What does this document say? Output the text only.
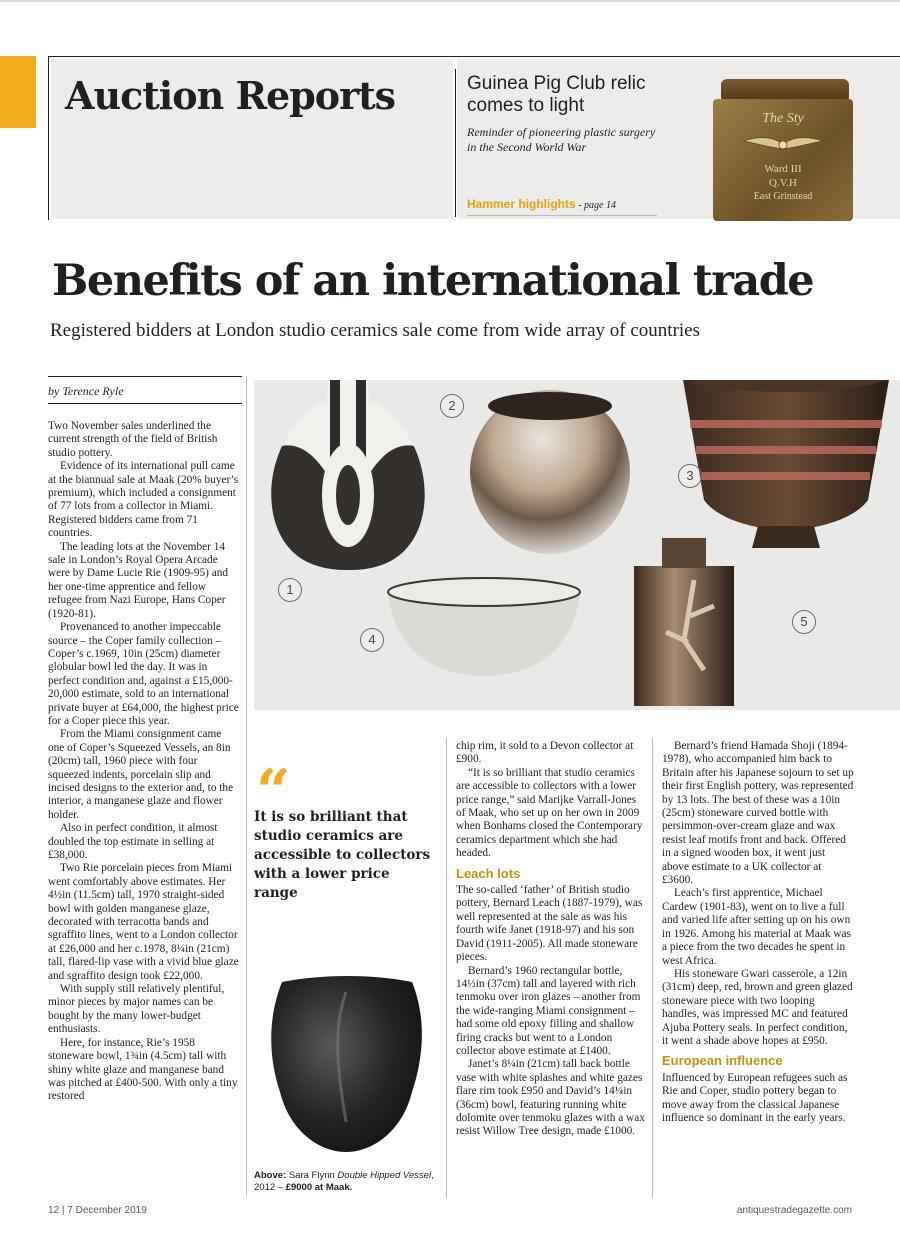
Auction Reports	Guinea Pig Club relic comes to light
Reminder of pioneering plastic surgery in the Second World War
Hammer highlights - page 14
The Sty
Ward III
Q.V.H
East Grinstead
Benefits of an international trade
Registered bidders at London studio ceramics sale come from wide array of countries
by Terence Ryle
1
2
3
4
5

Two November sales underlined the current strength of the field of British studio pottery.

Evidence of its international pull came at the biannual sale at Maak (20% buyer’s premium), which included a consignment of 77 lots from a collector in Miami. Registered bidders came from 71 countries.

The leading lots at the November 14 sale in London’s Royal Opera Arcade were by Dame Lucie Rie (1909-95) and her one-time apprentice and fellow refugee from Nazi Europe, Hans Coper (1920-81).

Provenanced to another impeccable source – the Coper family collection – Coper’s c.1969, 10in (25cm) diameter globular bowl led the day. It was in perfect condition and, against a £15,000-20,000 estimate, sold to an international private buyer at £64,000, the highest price for a Coper piece this year.

From the Miami consignment came one of Coper’s Squeezed Vessels, an 8in (20cm) tall, 1960 piece with four squeezed indents, porcelain slip and incised designs to the exterior and, to the interior, a manganese glaze and flower holder.

Also in perfect condition, it almost doubled the top estimate in selling at £38,000.

Two Rie porcelain pieces from Miami went comfortably above estimates. Her 4½in (11.5cm) tall, 1970 straight-sided bowl with golden manganese glaze, decorated with terracotta bands and sgraffito lines, went to a London collector at £26,000 and her c.1978, 8¼in (21cm) tall, flared-lip vase with a vivid blue glaze and sgraffito design took £22,000.

With supply still relatively plentiful, minor pieces by major names can be bought by the many lower-budget enthusiasts.

Here, for instance, Rie’s 1958 stoneware bowl, 1¾in (4.5cm) tall with shiny white glaze and manganese band was pitched at £400-500. With only a tiny restored

“
It is so brilliant that studio ceramics are accessible to collectors with a lower price range
Above: Sara Flynn Double Hipped Vessel, 2012 – £9000 at Maak.

chip rim, it sold to a Devon collector at £900.

“It is so brilliant that studio ceramics are accessible to collectors with a lower price range,” said Marijke Varrall-Jones of Maak, who set up on her own in 2009 when Bonhams closed the Contemporary ceramics department which she had headed.

Leach lots

The so-called ‘father’ of British studio pottery, Bernard Leach (1887-1979), was well represented at the sale as was his fourth wife Janet (1918-97) and his son David (1911-2005). All made stoneware pieces.

Bernard’s 1960 rectangular bottle, 14½in (37cm) tall and layered with rich tenmoku over iron glazes – another from the wide-ranging Miami consignment – had some old epoxy filling and shallow firing cracks but went to a London collector above estimate at £1400.

Janet’s 8¼in (21cm) tall back bottle vase with white splashes and white gazes flare rim took £950 and David’s 14¼in (36cm) bowl, featuring running white dolomite over tenmoku glazes with a wax resist Willow Tree design, made £1000.

Bernard’s friend Hamada Shoji (1894-1978), who accompanied him back to Britain after his Japanese sojourn to set up their first English pottery, was represented by 13 lots. The best of these was a 10in (25cm) stoneware curved bottle with persimmon-over-cream glaze and wax resist leaf motifs front and back. Offered in a signed wooden box, it went just above estimate to a UK collector at £3600.

Leach’s first apprentice, Michael Cardew (1901-83), went on to live a full and varied life after setting up on his own in 1926. Among his material at Maak was a piece from the two decades he spent in west Africa.

His stoneware Gwari casserole, a 12in (31cm) deep, red, brown and green glazed stoneware piece with two looping handles, was impressed MC and featured Ajuba Pottery seals. In perfect condition, it went a shade above hopes at £950.

European influence

Influenced by European refugees such as Rie and Coper, studio pottery began to move away from the classical Japanese influence so dominant in the early years.

12 | 7 December 2019	antiquestradegazette.com
